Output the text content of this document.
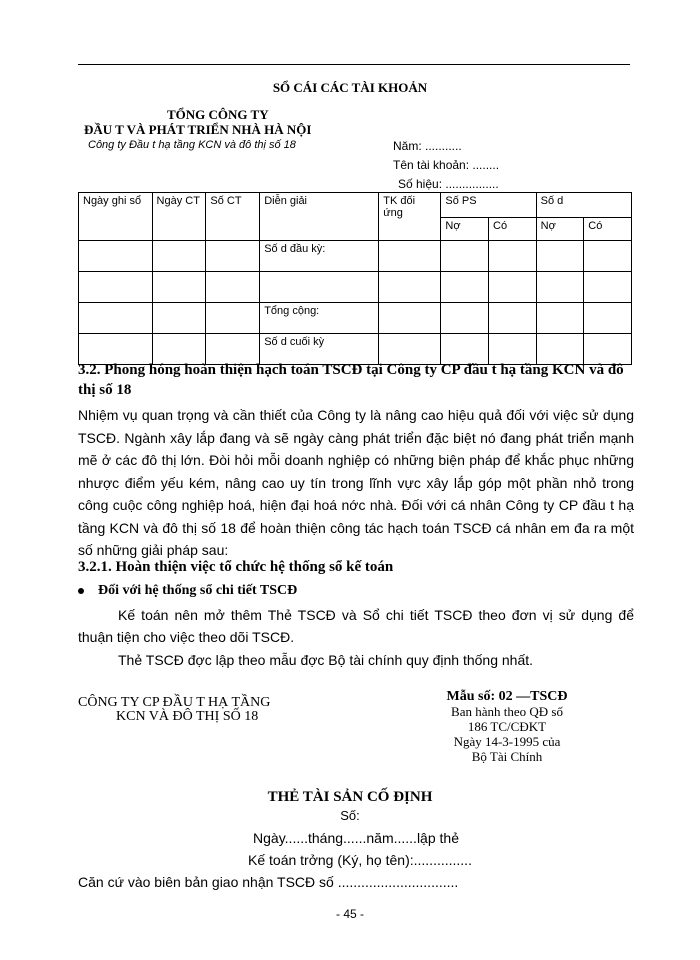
SỔ CÁI CÁC TÀI KHOẢN
TỔNG CÔNG TY
ĐẦU T VÀ PHÁT TRIỂN NHÀ HÀ NỘI
Công ty Đầu t hạ tầng KCN và đô thị số 18	Năm: ...........
Tên tài khoản: ........
Số hiệu: ................
Ngày ghi sổ	Ngày CT	Số CT	Diễn giải	TK đối ứng	Số PS		Số d	
					Nợ	Có	Nợ	Có
			Số d đầu kỳ:					

			Tổng cộng:					
			Số d cuối kỳ					
3.2. Phong hóng hoàn thiện hạch toán TSCĐ tại Công ty CP đầu t hạ tầng KCN và đô thị số 18

Nhiệm vụ quan trọng và cần thiết của Công ty là nâng cao hiệu quả đối với việc sử dụng TSCĐ. Ngành xây lắp đang và sẽ ngày càng phát triển đặc biệt nó đang phát triển mạnh mẽ ở các đô thị lớn. Đòi hỏi mỗi doanh nghiệp có những biện pháp để khắc phục những nhược điểm yếu kém, nâng cao uy tín trong lĩnh vực xây lắp góp một phần nhỏ trong công cuộc công nghiệp hoá, hiện đại hoá nớc nhà. Đối với cá nhân Công ty CP đầu t hạ tầng KCN và đô thị số 18 để hoàn thiện công tác hạch toán TSCĐ cá nhân em đa ra một số những giải pháp sau:

3.2.1. Hoàn thiện việc tổ chức hệ thống sổ kế toán
Đối với hệ thống sổ chi tiết TSCĐ

Kế toán nên mở thêm Thẻ TSCĐ và Sổ chi tiết TSCĐ theo đơn vị sử dụng để thuận tiện cho việc theo dõi TSCĐ.

Thẻ TSCĐ đợc lập theo mẫu đợc Bộ tài chính quy định thống nhất.

CÔNG TY CP ĐẦU T HẠ TẦNG
KCN VÀ ĐÔ THỊ SỐ 18
Mẫu số: 02 —TSCĐ
Ban hành theo QĐ số
186 TC/CĐKT
Ngày 14-3-1995 của
Bộ Tài Chính
THẺ TÀI SẢN CỐ ĐỊNH
Số:
Ngày......tháng......năm......lập thẻ
Kế toán trởng (Ký, họ tên):...............
Căn cứ vào biên bản giao nhận TSCĐ số ...............................
- 45 -
